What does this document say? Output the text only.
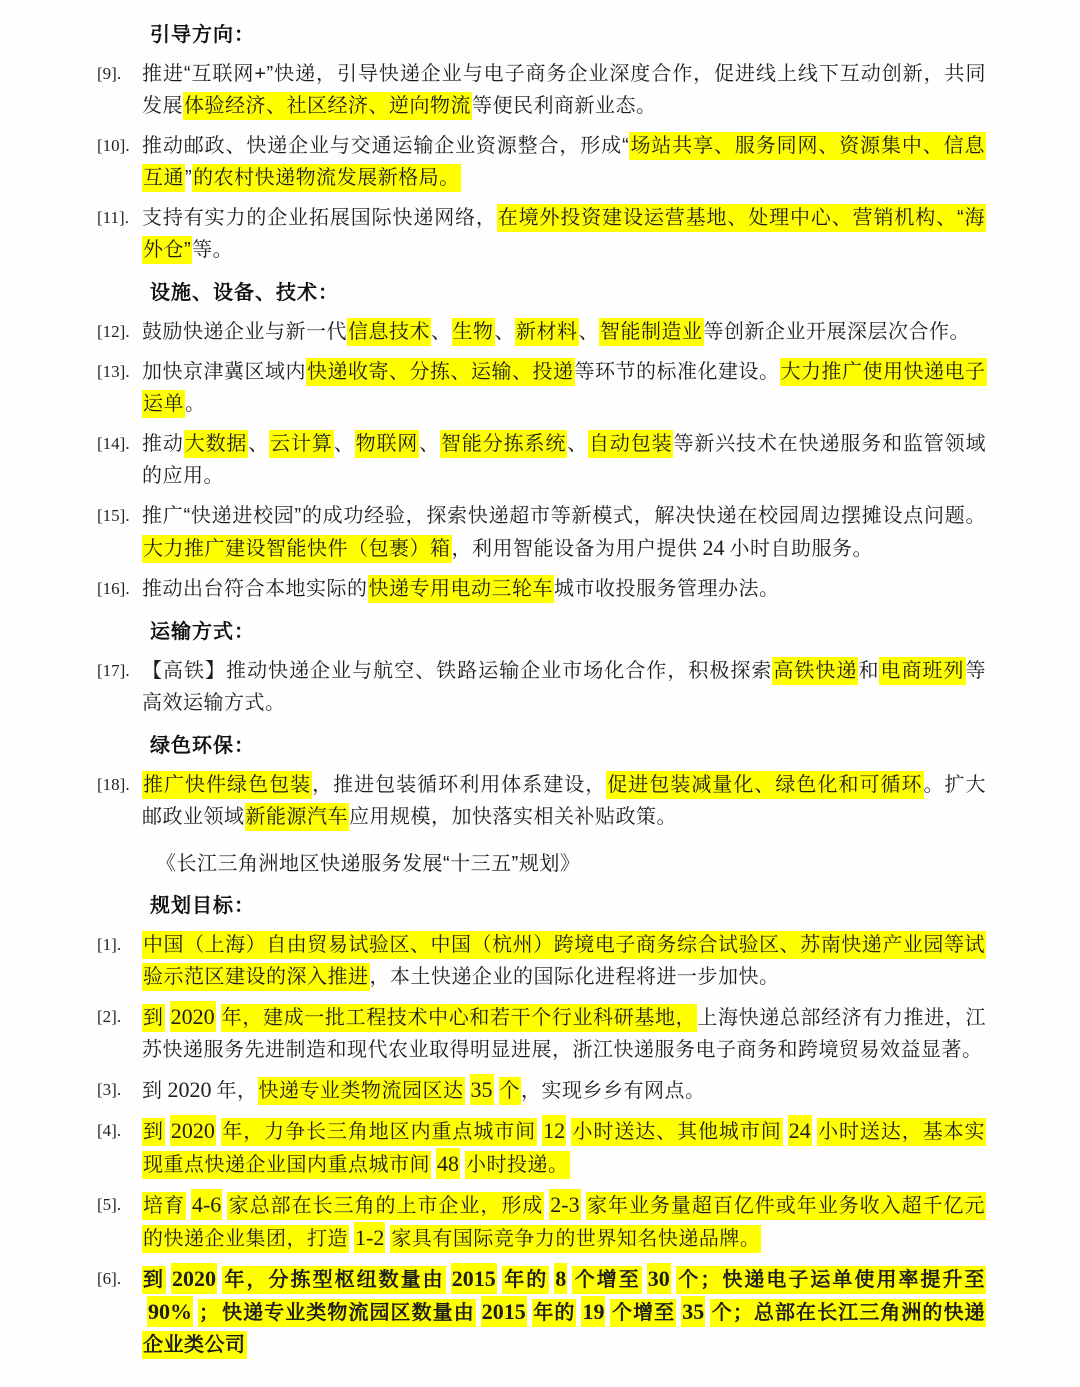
引导方向：
[9]. 推进“互联网+”快递，引导快递企业与电子商务企业深度合作，促进线上线下互动创新，共同发展体验经济、社区经济、逆向物流等便民利商新业态。
[10]. 推动邮政、快递企业与交通运输企业资源整合，形成“场站共享、服务同网、资源集中、信息互通”的农村快递物流发展新格局。
[11]. 支持有实力的企业拓展国际快递网络，在境外投资建设运营基地、处理中心、营销机构、“海外仓”等。
设施、设备、技术：
[12]. 鼓励快递企业与新一代信息技术、生物、新材料、智能制造业等创新企业开展深层次合作。
[13]. 加快京津冀区域内快递收寄、分拣、运输、投递等环节的标准化建设。大力推广使用快递电子运单。
[14]. 推动大数据、云计算、物联网、智能分拣系统、自动包装等新兴技术在快递服务和监管领域的应用。
[15]. 推广“快递进校园”的成功经验，探索快递超市等新模式，解决快递在校园周边摆摊设点问题。大力推广建设智能快件（包裹）箱，利用智能设备为用户提供 24 小时自助服务。
[16]. 推动出台符合本地实际的快递专用电动三轮车城市收投服务管理办法。
运输方式：
[17]. 【高铁】推动快递企业与航空、铁路运输企业市场化合作，积极探索高铁快递和电商班列等高效运输方式。
绿色环保：
[18]. 推广快件绿色包装，推进包装循环利用体系建设，促进包装减量化、绿色化和可循环。扩大邮政业领域新能源汽车应用规模，加快落实相关补贴政策。
《长江三角洲地区快递服务发展“十三五”规划》
规划目标：
[1]. 中国（上海）自由贸易试验区、中国（杭州）跨境电子商务综合试验区、苏南快递产业园等试验示范区建设的深入推进，本土快递企业的国际化进程将进一步加快。
[2]. 到 2020 年，建成一批工程技术中心和若干个行业科研基地，上海快递总部经济有力推进，江苏快递服务先进制造和现代农业取得明显进展，浙江快递服务电子商务和跨境贸易效益显著。
[3]. 到 2020 年，快递专业类物流园区达 35 个，实现乡乡有网点。
[4]. 到 2020 年，力争长三角地区内重点城市间 12 小时送达、其他城市间 24 小时送达，基本实现重点快递企业国内重点城市间 48 小时投递。
[5]. 培育 4-6 家总部在长三角的上市企业，形成 2-3 家年业务量超百亿件或年业务收入超千亿元的快递企业集团，打造 1-2 家具有国际竞争力的世界知名快递品牌。
[6]. 到 2020 年，分拣型枢纽数量由 2015 年的 8 个增至 30 个；快递电子运单使用率提升至90% ； 快递专业类物流园区数量由 2015 年的 19 个增至 35 个；总部在长江三角洲的快递企业类公司
